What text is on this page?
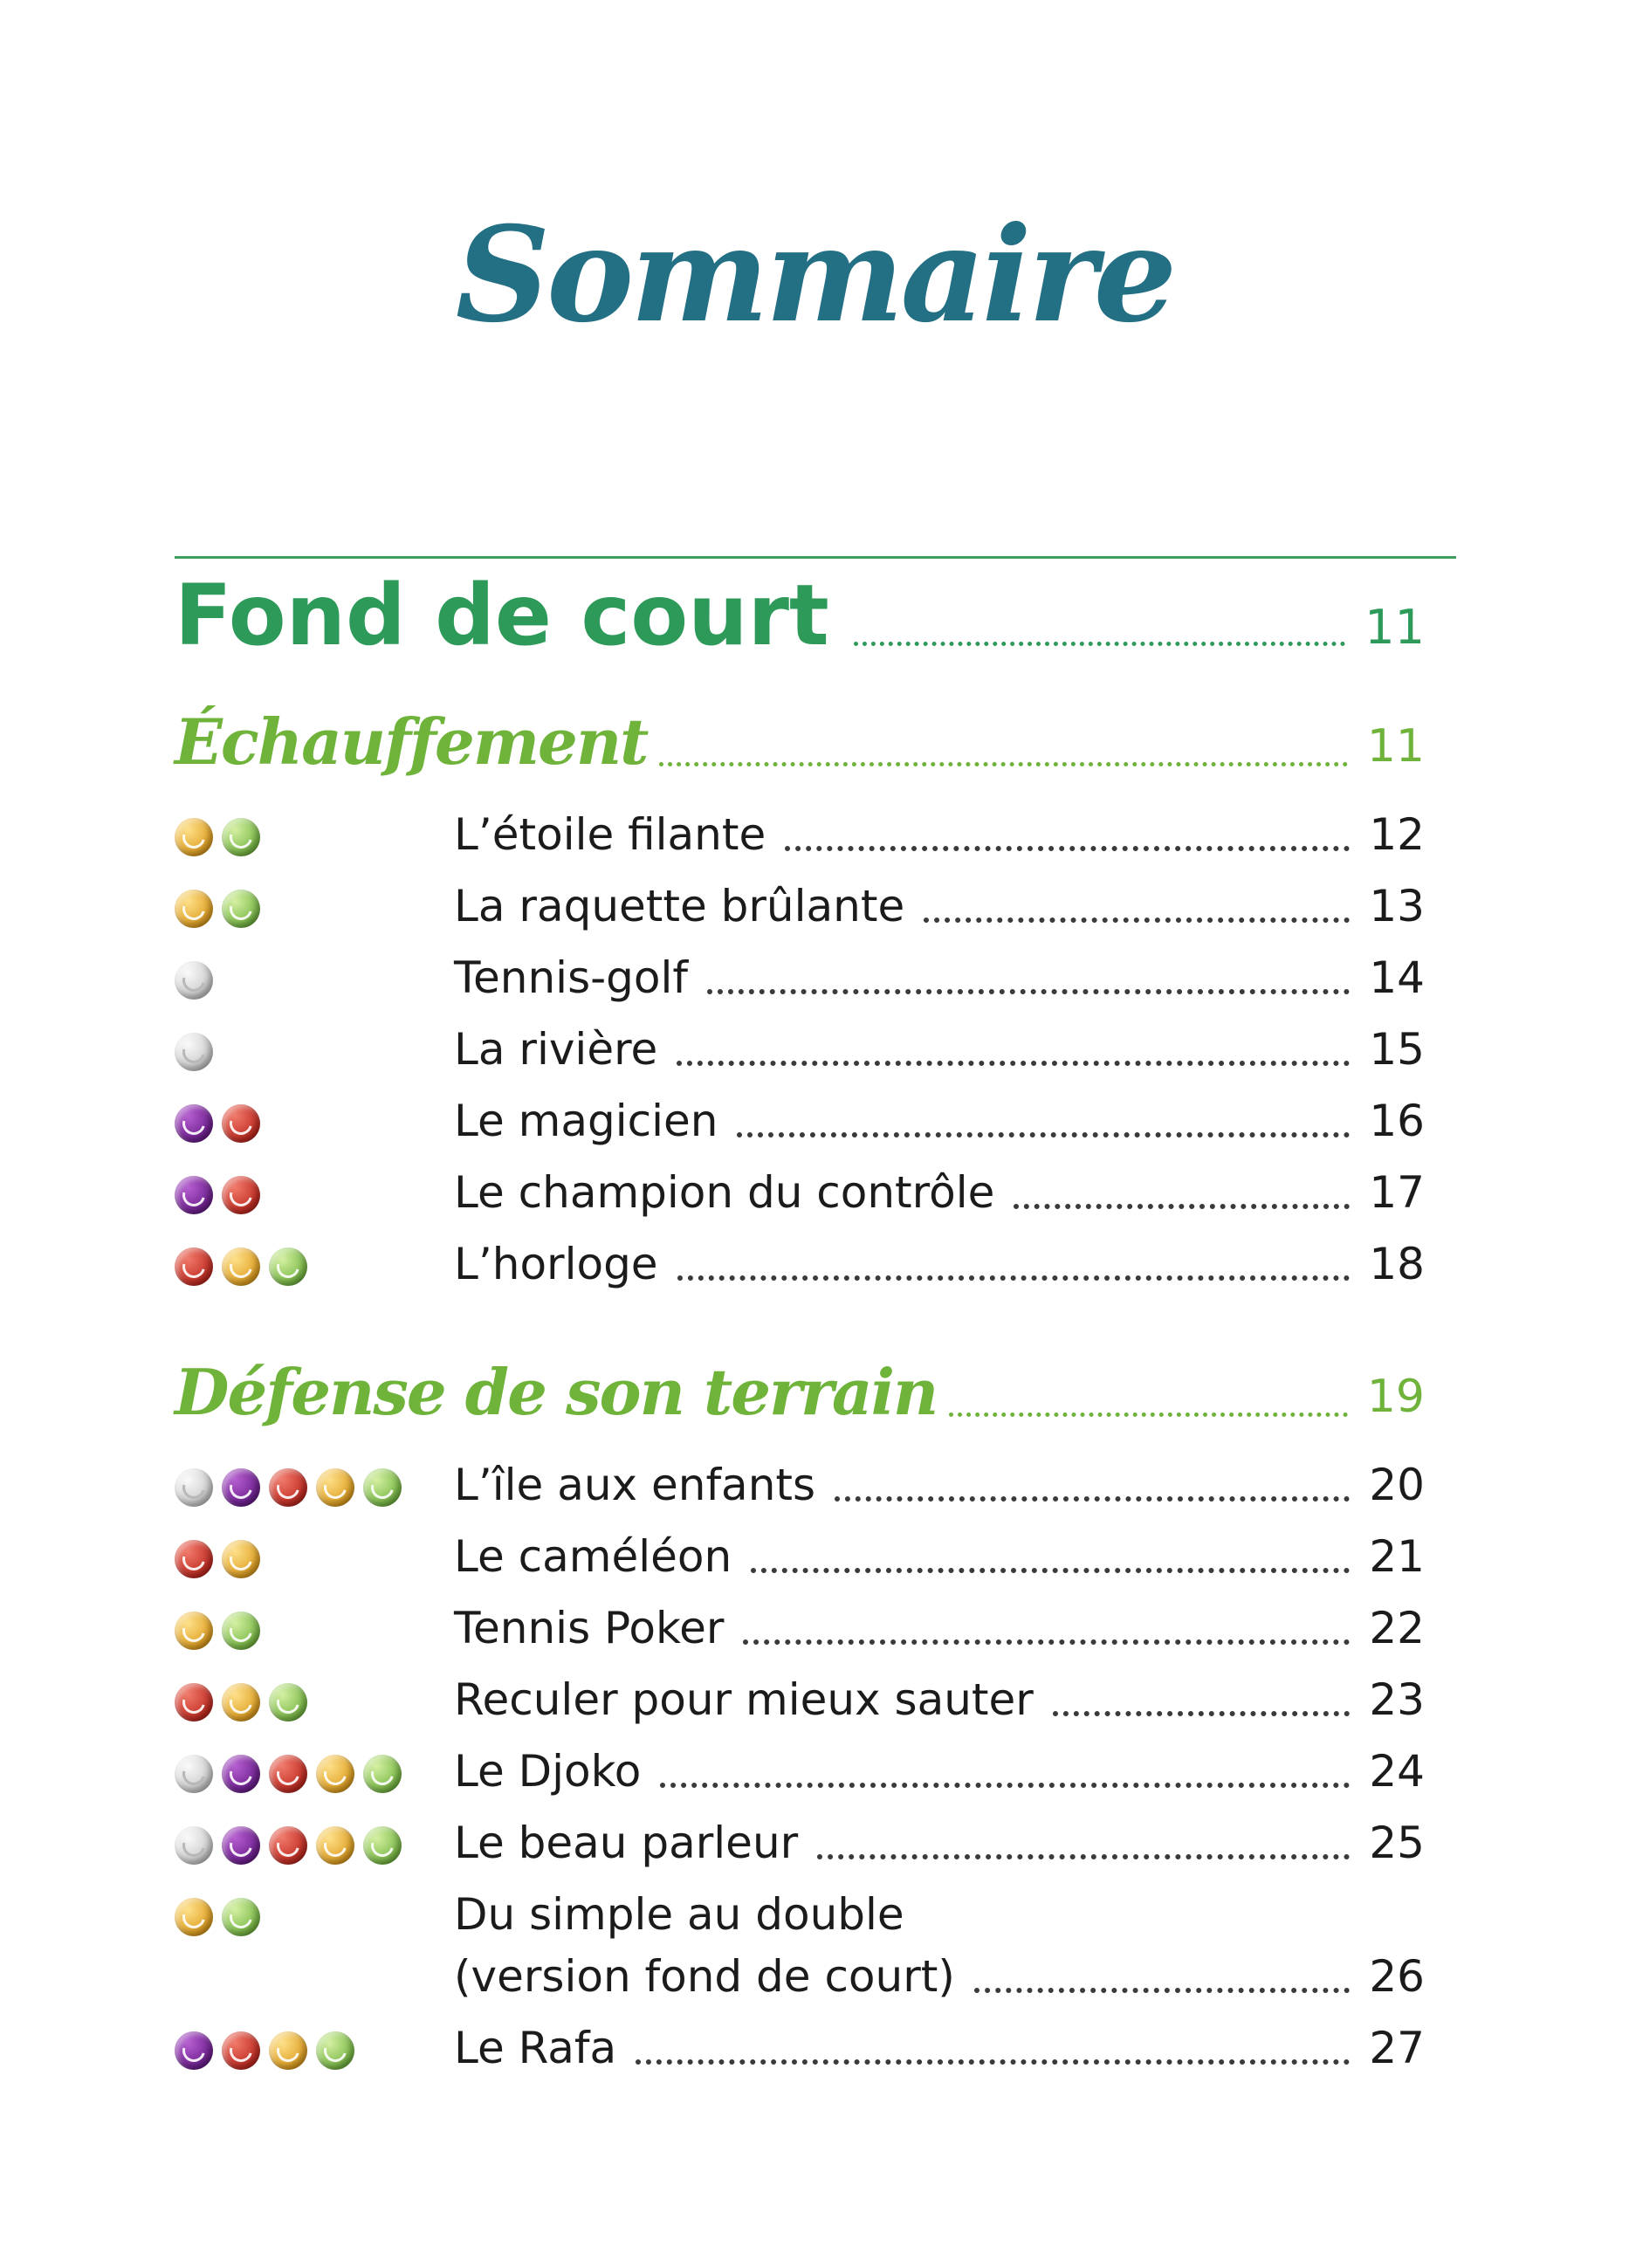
Sommaire
Fond de court	11
Échauffement	11
L’étoile filante	12
La raquette brûlante	13
Tennis-golf	14
La rivière	15
Le magicien	16
Le champion du contrôle	17
L’horloge	18
Défense de son terrain	19
L’île aux enfants	20
Le caméléon	21
Tennis Poker	22
Reculer pour mieux sauter	23
Le Djoko	24
Le beau parleur	25
Du simple au double
(version fond de court)	26
Le Rafa	27
